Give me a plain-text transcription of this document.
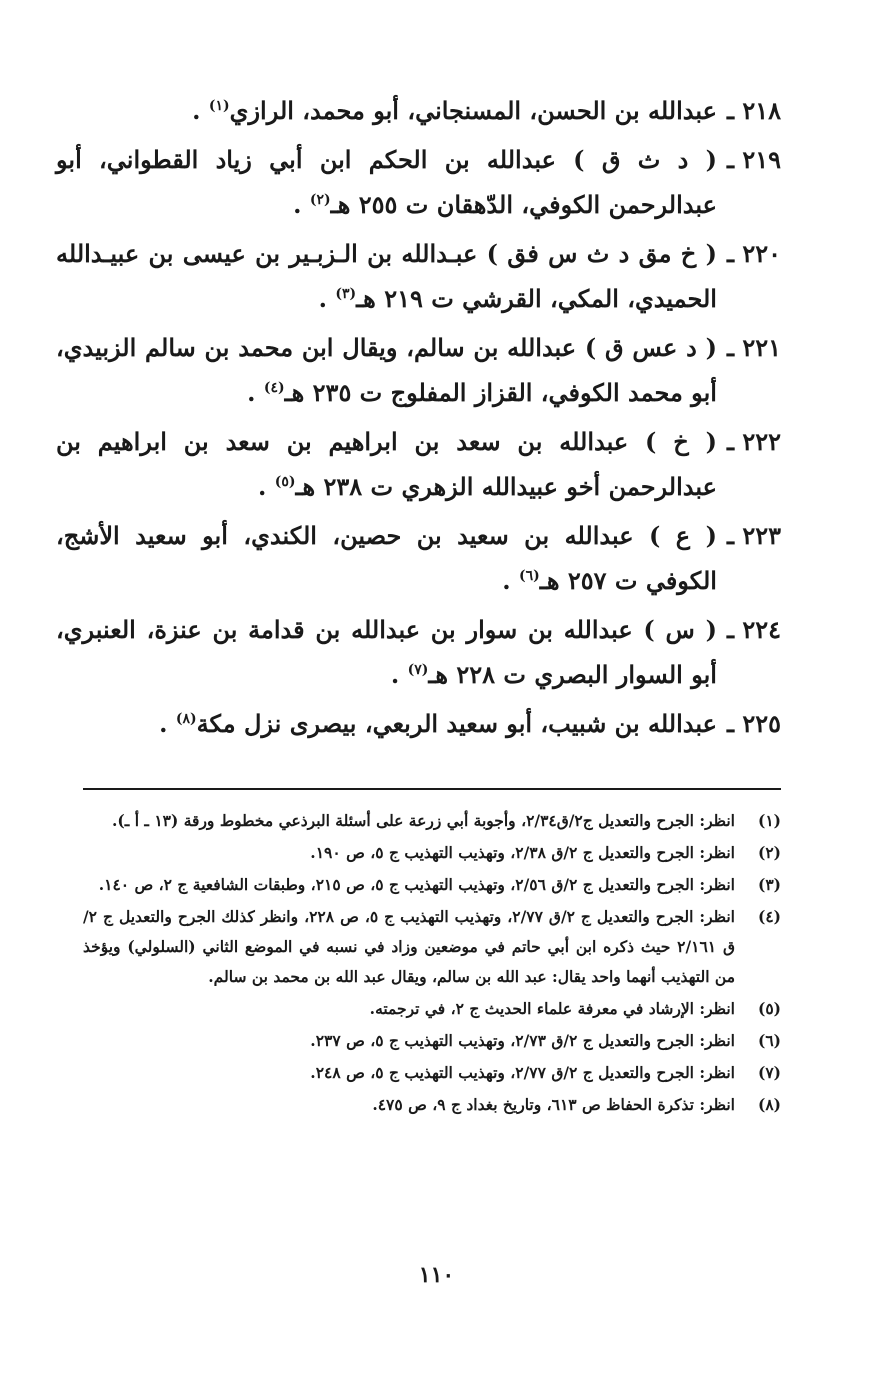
٢١٨ ـ
عبدالله بن الحسن، المسنجاني، أبو محمد، الرازي$^{(١)}$ .
٢١٩ ـ
( د ث ق ) عبدالله بن الحكم ابن أبي زياد القطواني، أبو عبدالرحمن الكوفي، الدّهقان ت ٢٥٥ هـ$^{(٢)}$ .
٢٢٠ ـ
( خ مق د ث س فق ) عبـدالله بن الـزبـير بن عيسى بن عبيـدالله الحميدي، المكي، القرشي ت ٢١٩ هـ$^{(٣)}$ .
٢٢١ ـ
( د عس ق ) عبدالله بن سالم، ويقال ابن محمد بن سالم الزبيدي، أبو محمد الكوفي، القزاز المفلوج ت ٢٣٥ هـ$^{(٤)}$ .
٢٢٢ ـ
( خ ) عبدالله بن سعد بن ابراهيم بن سعد بن ابراهيم بن عبدالرحمن أخو عبيدالله الزهري ت ٢٣٨ هـ$^{(٥)}$ .
٢٢٣ ـ
( ع ) عبدالله بن سعيد بن حصين، الكندي، أبو سعيد الأشج، الكوفي ت ٢٥٧ هـ$^{(٦)}$ .
٢٢٤ ـ
( س ) عبدالله بن سوار بن عبدالله بن قدامة بن عنزة، العنبري، أبو السوار البصري ت ٢٢٨ هـ$^{(٧)}$ .
٢٢٥ ـ
عبدالله بن شبيب، أبو سعيد الربعي، بيصرى نزل مكة$^{(٨)}$ .
(١)
انظر: الجرح والتعديل ج٢/ق٢/٣٤، وأجوبة أبي زرعة على أسئلة البرذعي مخطوط ورقة (١٣ ـ أ ـ).
(٢)
انظر: الجرح والتعديل ج ٢/ق ٢/٣٨، وتهذيب التهذيب ج ٥، ص ١٩٠.
(٣)
انظر: الجرح والتعديل ج ٢/ق ٢/٥٦، وتهذيب التهذيب ج ٥، ص ٢١٥، وطبقات الشافعية ج ٢، ص ١٤٠.
(٤)
انظر: الجرح والتعديل ج ٢/ق ٢/٧٧، وتهذيب التهذيب ج ٥، ص ٢٢٨، وانظر كذلك الجرح والتعديل ج ٢/ق ٢/١٦١ حيث ذكره ابن أبي حاتم في موضعين وزاد في نسبه في الموضع الثاني (السلولي) ويؤخذ من التهذيب أنهما واحد يقال: عبد الله بن سالم، ويقال عبد الله بن محمد بن سالم.
(٥)
انظر: الإرشاد في معرفة علماء الحديث ج ٢، في ترجمته.
(٦)
انظر: الجرح والتعديل ج ٢/ق ٢/٧٣، وتهذيب التهذيب ج ٥، ص ٢٣٧.
(٧)
انظر: الجرح والتعديل ج ٢/ق ٢/٧٧، وتهذيب التهذيب ج ٥، ص ٢٤٨.
(٨)
انظر: تذكرة الحفاظ ص ٦١٣، وتاريخ بغداد ج ٩، ص ٤٧٥.
١١٠
